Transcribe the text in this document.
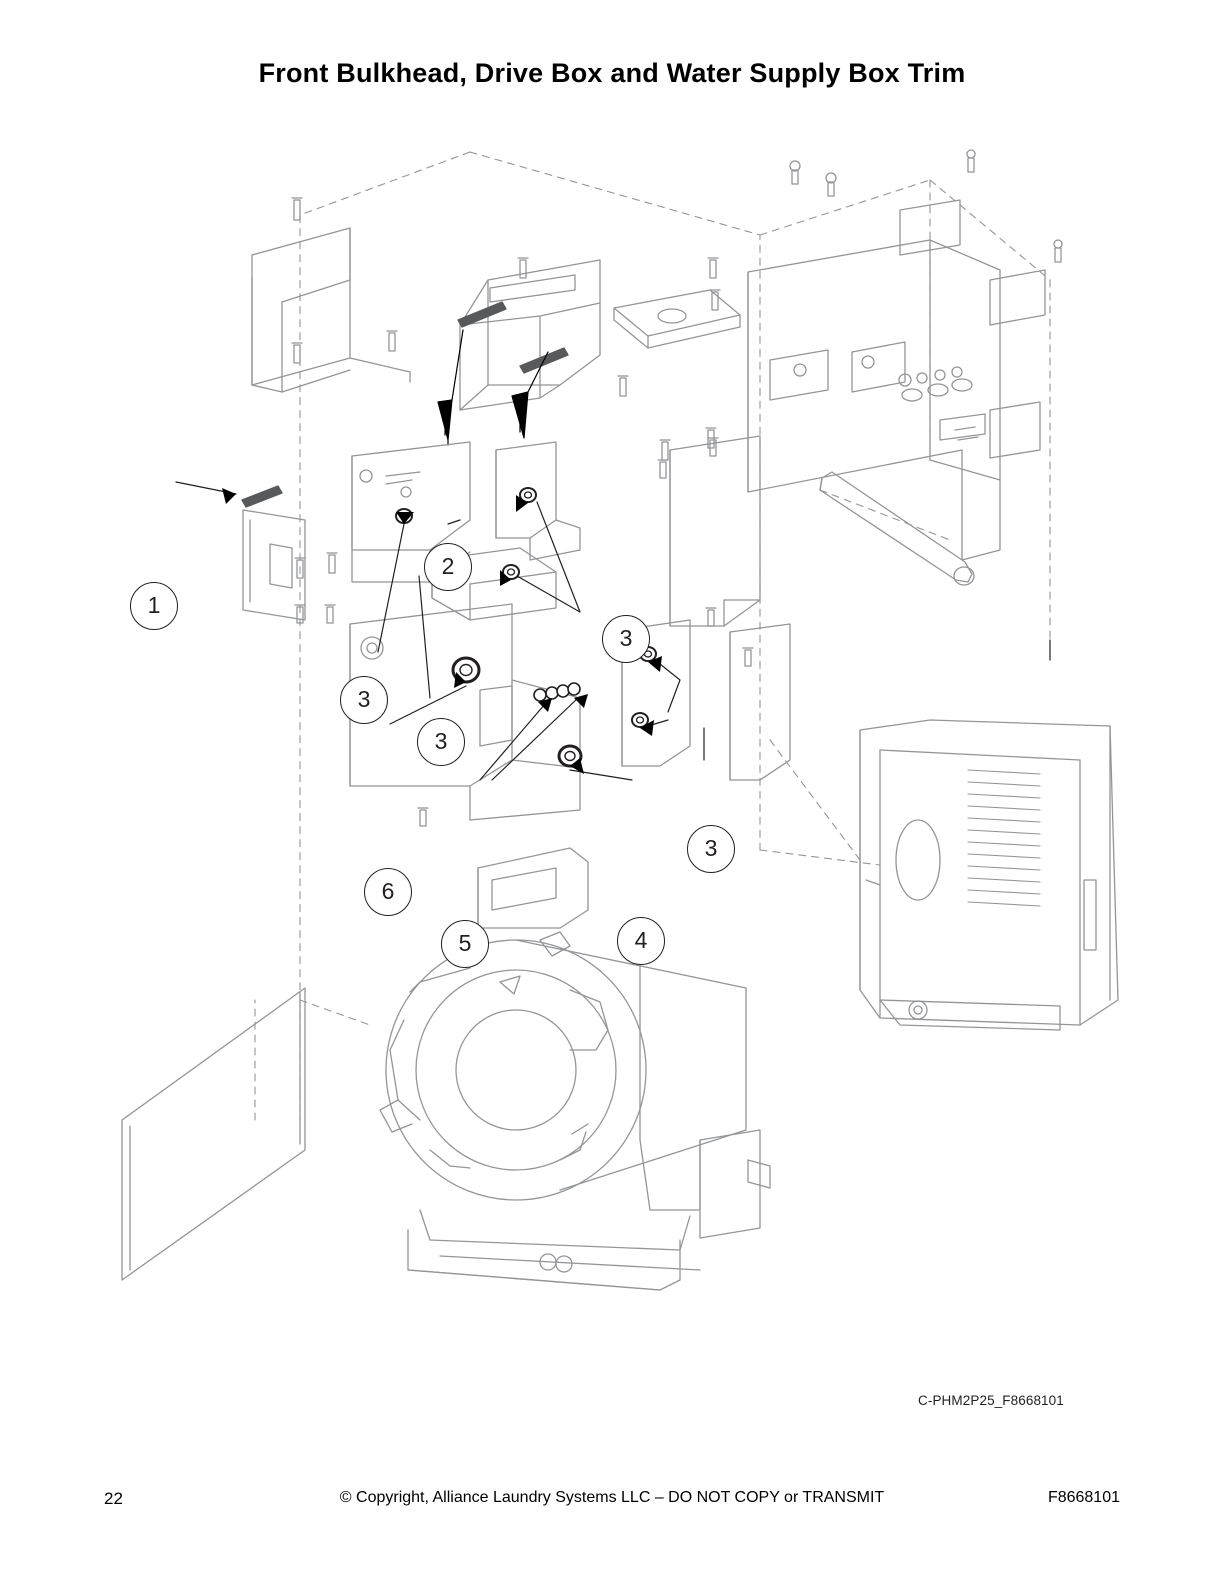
Front Bulkhead, Drive Box and Water Supply Box Trim
1
2
3
3
3
3
6
5	4
C-PHM2P25_F8668101
22	© Copyright, Alliance Laundry Systems LLC – DO NOT COPY or TRANSMIT	F8668101
